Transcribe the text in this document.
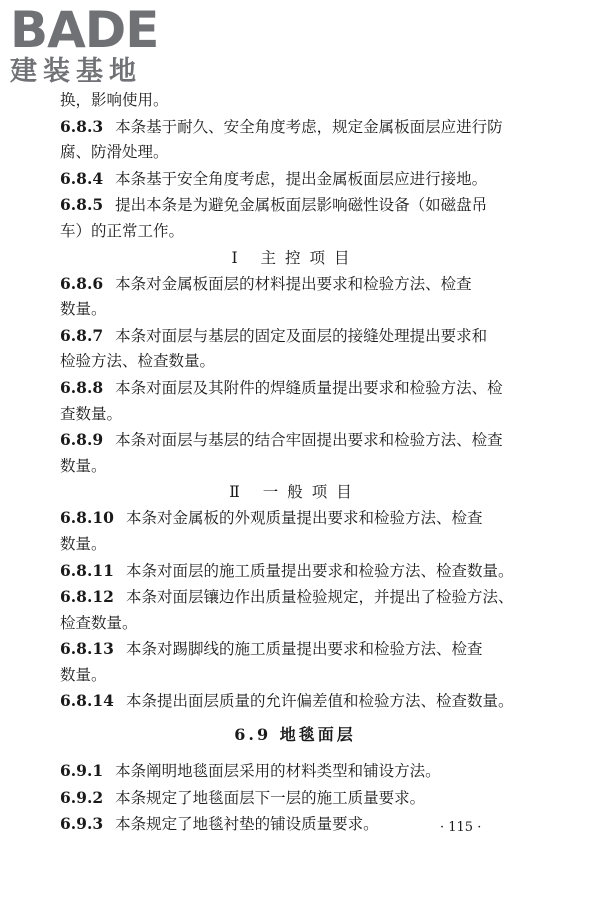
BADE
建装基地
换，影响使用。
6.8.3 本条基于耐久、安全角度考虑，规定金属板面层应进行防
腐、防滑处理。
6.8.4 本条基于安全角度考虑，提出金属板面层应进行接地。
6.8.5 提出本条是为避免金属板面层影响磁性设备（如磁盘吊
车）的正常工作。
Ⅰ 主控项目
6.8.6 本条对金属板面层的材料提出要求和检验方法、检查
数量。
6.8.7 本条对面层与基层的固定及面层的接缝处理提出要求和
检验方法、检查数量。
6.8.8 本条对面层及其附件的焊缝质量提出要求和检验方法、检
查数量。
6.8.9 本条对面层与基层的结合牢固提出要求和检验方法、检查
数量。
Ⅱ 一般项目
6.8.10 本条对金属板的外观质量提出要求和检验方法、检查
数量。
6.8.11 本条对面层的施工质量提出要求和检验方法、检查数量。
6.8.12 本条对面层镶边作出质量检验规定，并提出了检验方法、
检查数量。
6.8.13 本条对踢脚线的施工质量提出要求和检验方法、检查
数量。
6.8.14 本条提出面层质量的允许偏差值和检验方法、检查数量。
6.9 地毯面层
6.9.1 本条阐明地毯面层采用的材料类型和铺设方法。
6.9.2 本条规定了地毯面层下一层的施工质量要求。
6.9.3 本条规定了地毯衬垫的铺设质量要求。	· 115 ·
